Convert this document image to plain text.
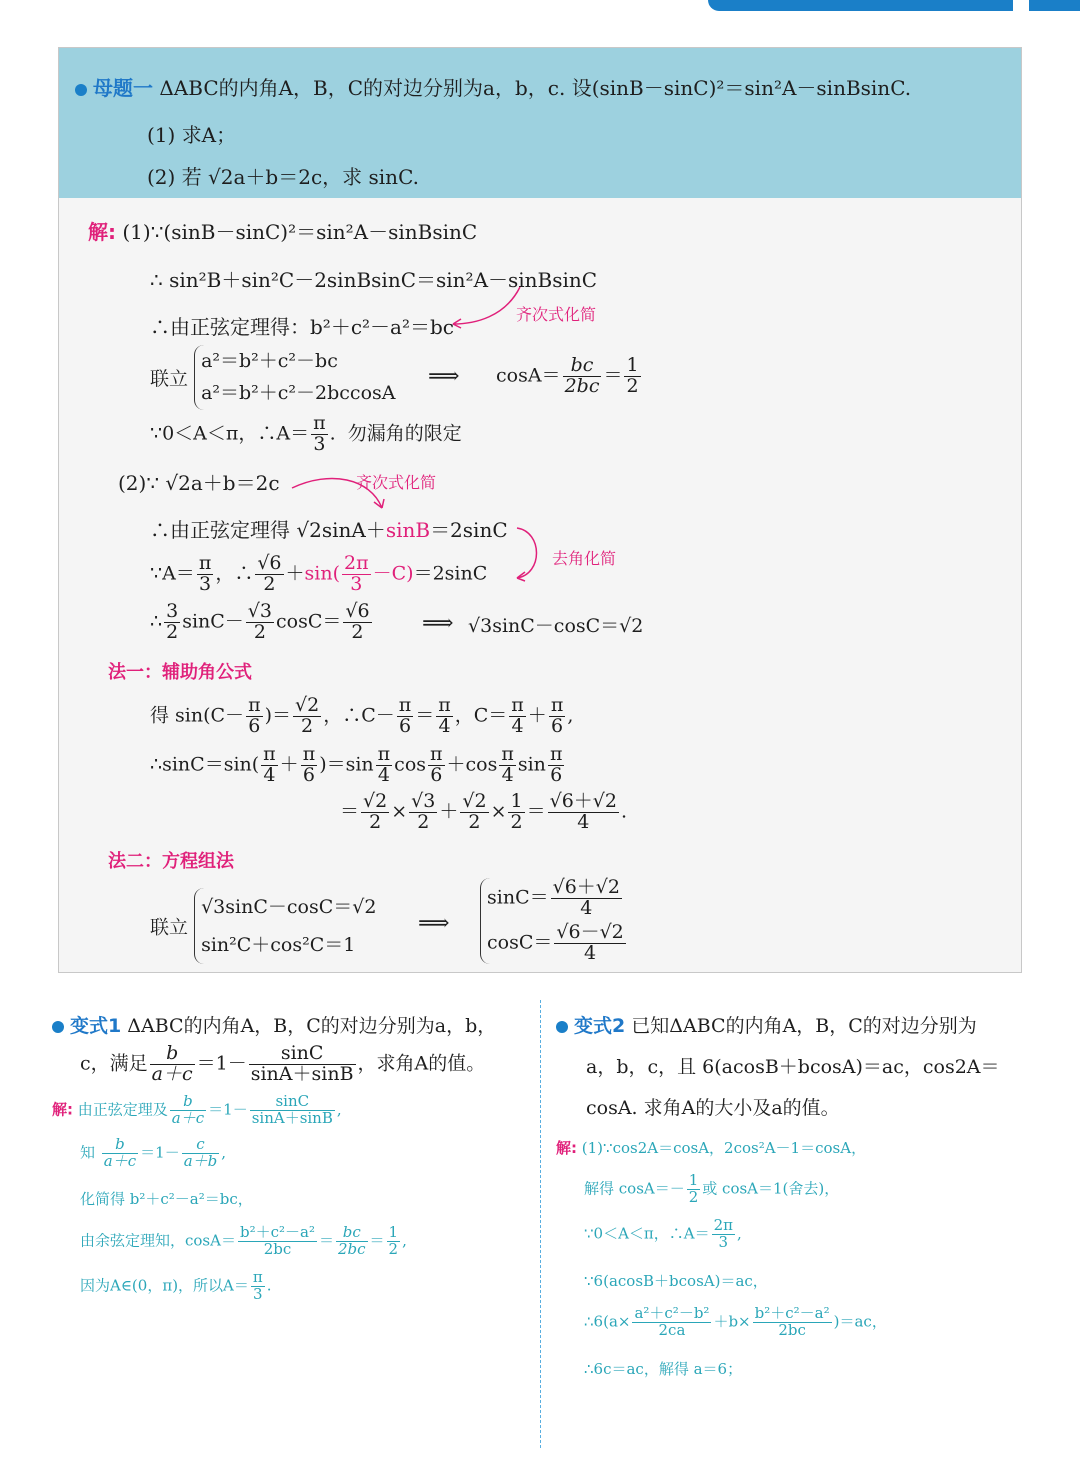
母题一 ΔABC的内角A，B，C的对边分别为a，b，c. 设(sinB－sinC)²＝sin²A－sinBsinC.
(1) 求A；
(2) 若 √2a＋b＝2c，求 sinC.
解: (1)∵(sinB－sinC)²＝sin²A－sinBsinC
∴ sin²B＋sin²C－2sinBsinC＝sin²A－sinBsinC
∴由正弦定理得：b²＋c²－a²＝bc
齐次式化简
联立
a²＝b²＋c²－bc
a²＝b²＋c²－2bccosA
⟹ $\cos A= \frac{bc}{2bc} = \frac{1}{2}$
∵0＜A＜π，∴A＝ $\frac{\pi}{3}$ .  勿漏角的限定
(2)∵ √2a＋b＝2c	齐次式化简
∴由正弦定理得 √2sinA＋sinB＝2sinC
去角化简
∵A＝ $\frac{\pi}{3}$ ，∴ $\frac{√6}{2} +\sin( \frac{2\pi}{3} -C)=2\sin C$
∴ $\frac{3}{2} \sin C- \frac{√3}{2} \cos C= \frac{√6}{2}$ ⟹ √3sinC－cosC＝√2
法一：辅助角公式
得 $\sin(C- \frac{\pi}{6}$ )＝ $\frac{√2}{2}$ ，∴C－ $\frac{\pi}{6} = \frac{\pi}{4}$ ，$C= \frac{\pi}{4} + \frac{\pi}{6}$ ,
∴sinC＝sin( $\frac{\pi}{4} + \frac{\pi}{6} )=\sin \frac{\pi}{4}$ $\cos \frac{\pi}{6} +\cos \frac{\pi}{4}$ $\sin \frac{\pi}{6}$
＝ $\frac{√2}{2} \times \frac{√3}{2} + \frac{√2}{2} \times \frac{1}{2} = \frac{√6+√2}{4}$ .
法二：方程组法
联立
√3sinC－cosC＝√2
sin²C＋cos²C＝1
⟹
$\sin C= \frac{√6+√2}{4}$
$\cos C= \frac{√6-√2}{4}$
变式1 ΔABC的内角A，B，C的对边分别为a，b，
c，满足 $\frac{b}{a+c} =1- \frac{\sin C}{\sin A+\sin B}$ ，求角A的值。
解: 由正弦定理及 $\frac{b}{a+c} =1- \frac{\sin C}{\sin A+\sin B}$ ,
知 $\frac{b}{a+c} =1- \frac{c}{a+b}$ ,
化简得 b²＋c²－a²＝bc，
由余弦定理知，$\cos A= \frac{\text{b²＋c²－a²}}{2bc} = \frac{bc}{2bc} = \frac{1}{2}$ ,
因为A∈(0，π)，所以$A= \frac{\pi}{3}$ .
变式2 已知ΔABC的内角A，B，C的对边分别为
a，b，c，且 6(acosB＋bcosA)＝ac，cos2A＝
cosA. 求角A的大小及a的值。
解: (1)∵cos2A＝cosA，2cos²A－1＝cosA，
解得 $\cos A=- \frac{1}{2}$ 或 cosA＝1(舍去)，
∵0＜A＜π，∴A＝ $\frac{2\pi}{3}$ ,
∵6(acosB＋bcosA)＝ac，
∴6(a× $\frac{\text{a²＋c²－b²}}{2ca} +b\times \frac{\text{b²＋c²－a²}}{2bc} )=ac$，
∴6c＝ac，解得 a＝6；
